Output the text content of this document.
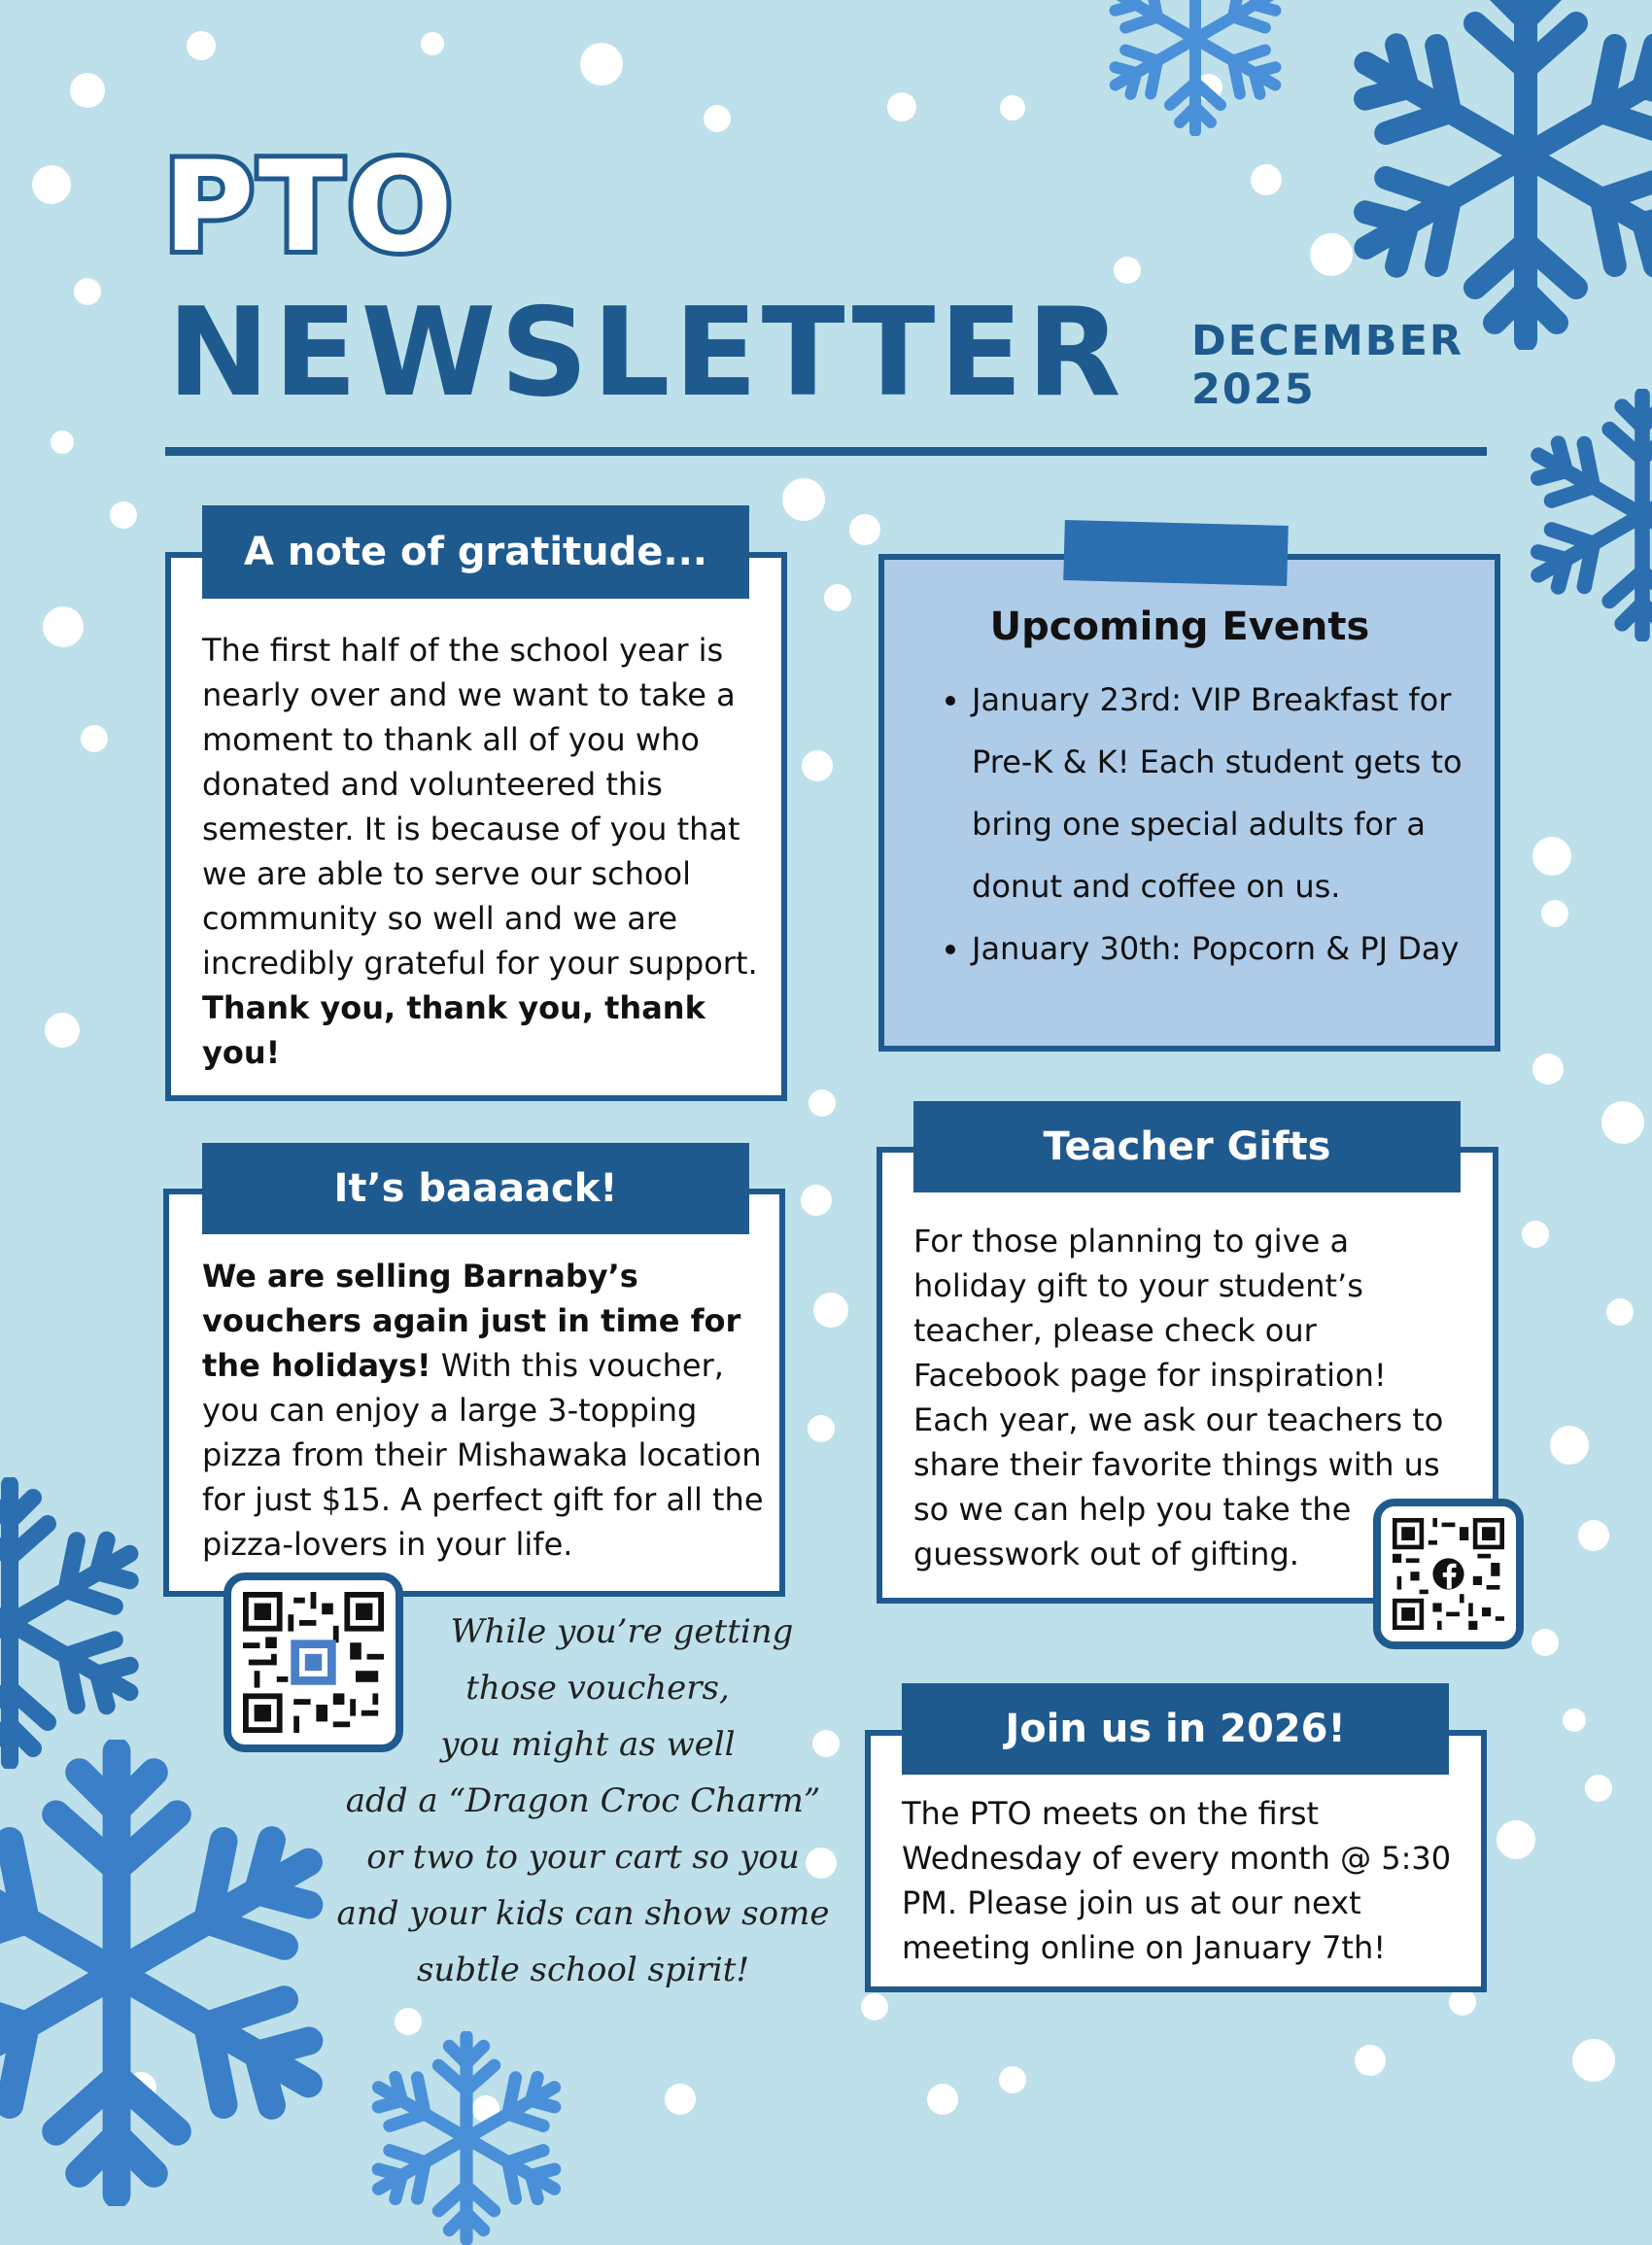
PTO
NEWSLETTER DECEMBER
2025
A note of gratitude...

The first half of the school year is nearly over and we want to take a moment to thank all of you who donated and volunteered this semester. It is because of you that we are able to serve our school community so well and we are incredibly grateful for your support. Thank you, thank you, thank you!

Upcoming Events
• January 23rd: VIP Breakfast for Pre-K & K! Each student gets to bring one special adults for a donut and coffee on us.
• January 30th: Popcorn & PJ Day
It’s baaaack!

We are selling Barnaby’s vouchers again just in time for the holidays! With this voucher, you can enjoy a large 3-topping pizza from their Mishawaka location for just $15. A perfect gift for all the pizza-lovers in your life.

Teacher Gifts

For those planning to give a holiday gift to your student’s teacher, please check our Facebook page for inspiration! Each year, we ask our teachers to share their favorite things with us so we can help you take the guesswork out of gifting.

Join us in 2026!

The PTO meets on the first Wednesday of every month @ 5:30 PM. Please join us at our next meeting online on January 7th!

While you’re getting
those vouchers,
you might as well
add a “Dragon Croc Charm”
or two to your cart so you
and your kids can show some
subtle school spirit!
